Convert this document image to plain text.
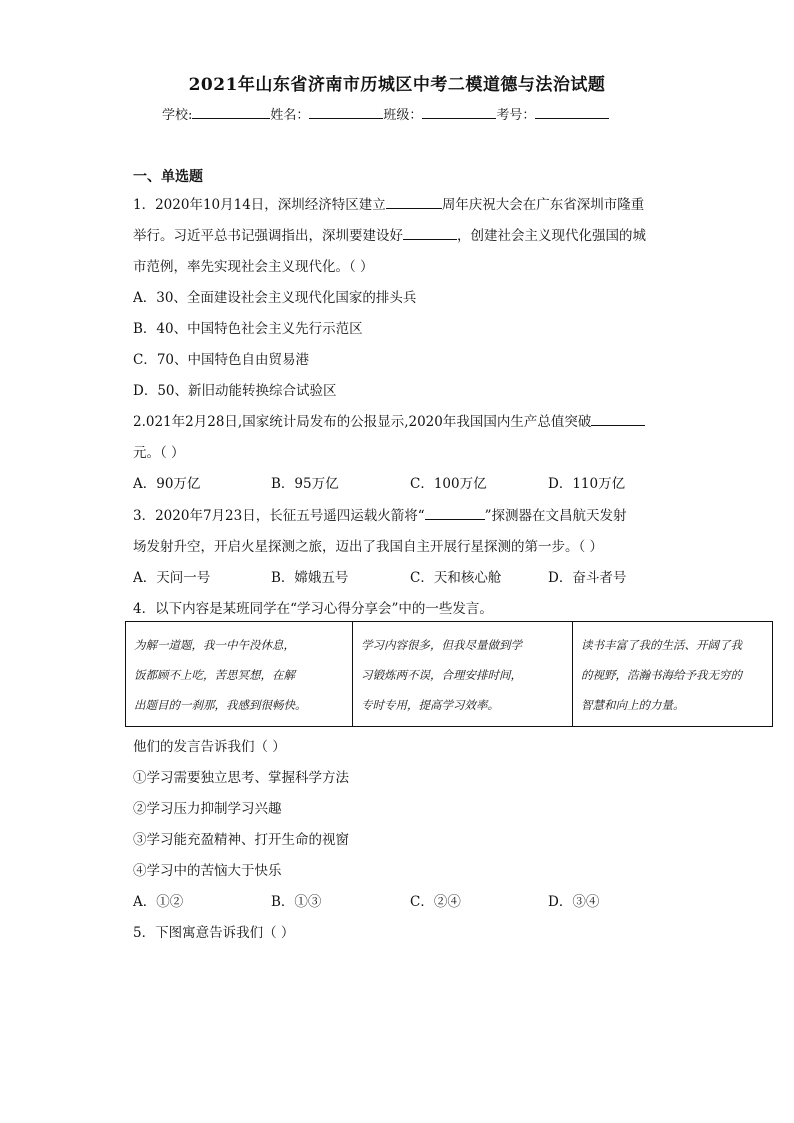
2021年山东省济南市历城区中考二模道德与法治试题
学校:	姓名：	班级：	考号：
一、单选题
1．2020年10月14日，深圳经济特区建立	周年庆祝大会在广东省深圳市隆重
举行。习近平总书记强调指出，深圳要建设好	，创建社会主义现代化强国的城
市范例，率先实现社会主义现代化。（ ）
A．30、全面建设社会主义现代化国家的排头兵
B．40、中国特色社会主义先行示范区
C．70、中国特色自由贸易港
D．50、新旧动能转换综合试验区
2.021年2月28日,国家统计局发布的公报显示,2020年我国国内生产总值突破
元。（ ）
A．90万亿	B．95万亿	C．100万亿	D．110万亿
3．2020年7月23日，长征五号遥四运载火箭将“	”探测器在文昌航天发射
场发射升空，开启火星探测之旅，迈出了我国自主开展行星探测的第一步。（ ）
A．天问一号	B．嫦娥五号	C．天和核心舱	D．奋斗者号
4．以下内容是某班同学在“学习心得分享会”中的一些发言。
为解一道题，我一中午没休息，
饭都顾不上吃，苦思冥想，在解
出题目的一刹那，我感到很畅快。

学习内容很多，但我尽量做到学
习锻炼两不误，合理安排时间，
专时专用，提高学习效率。

读书丰富了我的生活、开阔了我
的视野，浩瀚书海给予我无穷的
智慧和向上的力量。
他们的发言告诉我们（ ）
①学习需要独立思考、掌握科学方法
②学习压力抑制学习兴趣
③学习能充盈精神、打开生命的视窗
④学习中的苦恼大于快乐
A．①②	B．①③	C．②④	D．③④
5．下图寓意告诉我们（ ）
